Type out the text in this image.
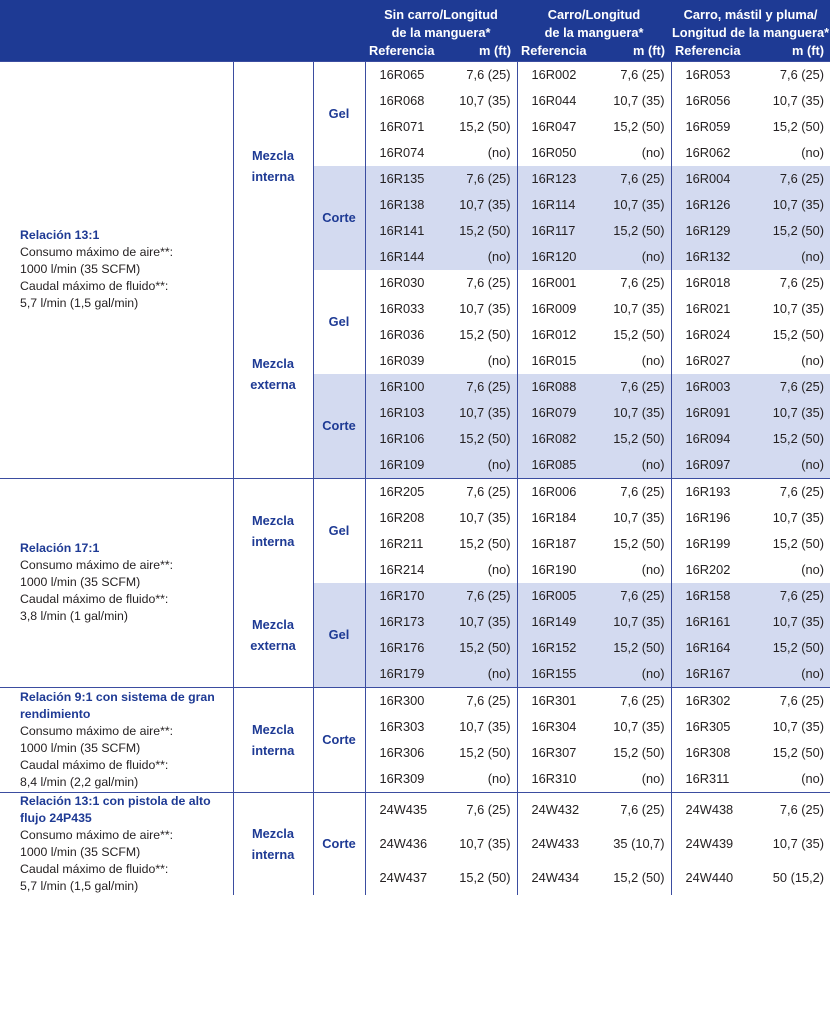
			Sin carro/Longitud
de la manguera*		Carro/Longitud
de la manguera*		Carro, mástil y pluma/
Longitud de la manguera*	
			Referencia	m (ft)	Referencia	m (ft)	Referencia	m (ft)

Relación 13:1
Consumo máximo de aire**:
1000 l/min (35 SCFM)
Caudal máximo de fluido**:
5,7 l/min (1,5 gal/min)	Mezcla interna	Gel	16R065	7,6 (25)	16R002	7,6 (25)	16R053	7,6 (25)
			16R068	10,7 (35)	16R044	10,7 (35)	16R056	10,7 (35)
			16R071	15,2 (50)	16R047	15,2 (50)	16R059	15,2 (50)
			16R074	(no)	16R050	(no)	16R062	(no)
		Corte	16R135	7,6 (25)	16R123	7,6 (25)	16R004	7,6 (25)
			16R138	10,7 (35)	16R114	10,7 (35)	16R126	10,7 (35)
			16R141	15,2 (50)	16R117	15,2 (50)	16R129	15,2 (50)
			16R144	(no)	16R120	(no)	16R132	(no)
	Mezcla externa	Gel	16R030	7,6 (25)	16R001	7,6 (25)	16R018	7,6 (25)
			16R033	10,7 (35)	16R009	10,7 (35)	16R021	10,7 (35)
			16R036	15,2 (50)	16R012	15,2 (50)	16R024	15,2 (50)
			16R039	(no)	16R015	(no)	16R027	(no)
		Corte	16R100	7,6 (25)	16R088	7,6 (25)	16R003	7,6 (25)
			16R103	10,7 (35)	16R079	10,7 (35)	16R091	10,7 (35)
			16R106	15,2 (50)	16R082	15,2 (50)	16R094	15,2 (50)
			16R109	(no)	16R085	(no)	16R097	(no)

Relación 17:1
Consumo máximo de aire**:
1000 l/min (35 SCFM)
Caudal máximo de fluido**:
3,8 l/min (1 gal/min)	Mezcla interna	Gel	16R205	7,6 (25)	16R006	7,6 (25)	16R193	7,6 (25)
			16R208	10,7 (35)	16R184	10,7 (35)	16R196	10,7 (35)
			16R211	15,2 (50)	16R187	15,2 (50)	16R199	15,2 (50)
			16R214	(no)	16R190	(no)	16R202	(no)
	Mezcla externa	Gel	16R170	7,6 (25)	16R005	7,6 (25)	16R158	7,6 (25)
			16R173	10,7 (35)	16R149	10,7 (35)	16R161	10,7 (35)
			16R176	15,2 (50)	16R152	15,2 (50)	16R164	15,2 (50)
			16R179	(no)	16R155	(no)	16R167	(no)

Relación 9:1 con sistema de gran rendimiento
Consumo máximo de aire**:
1000 l/min (35 SCFM)
Caudal máximo de fluido**:
8,4 l/min (2,2 gal/min)	Mezcla interna	Corte	16R300	7,6 (25)	16R301	7,6 (25)	16R302	7,6 (25)
			16R303	10,7 (35)	16R304	10,7 (35)	16R305	10,7 (35)
			16R306	15,2 (50)	16R307	15,2 (50)	16R308	15,2 (50)
			16R309	(no)	16R310	(no)	16R311	(no)

Relación 13:1 con pistola de alto flujo 24P435
Consumo máximo de aire**:
1000 l/min (35 SCFM)
Caudal máximo de fluido**:
5,7 l/min (1,5 gal/min)	Mezcla interna	Corte	24W435	7,6 (25)	24W432	7,6 (25)	24W438	7,6 (25)
			24W436	10,7 (35)	24W433	35 (10,7)	24W439	10,7 (35)
			24W437	15,2 (50)	24W434	15,2 (50)	24W440	50 (15,2)
